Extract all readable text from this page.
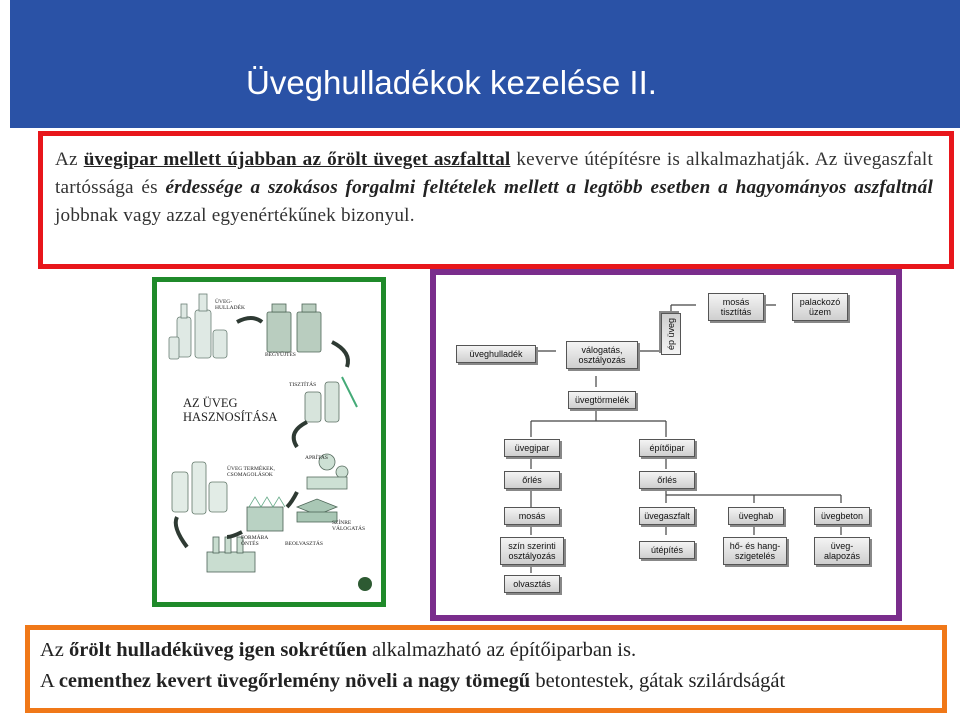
Üveghulladékok kezelése II.
Az üvegipar mellett újabban az őrölt üveget aszfalttal keverve útépítésre is alkalmazhatják. Az üvegaszfalt tartóssága és érdessége a szokásos forgalmi feltételek mellett a legtöbb esetben a hagyományos aszfaltnál jobbnak vagy azzal egyenértékűnek bizonyul.
ÜVEG-HULLADÉK
BEGYŰJTÉS
TISZTÍTÁS
ÜVEG TERMÉKEK, CSOMAGOLÁSOK
APRÍTÁS
FORMÁBA ÖNTÉS	BEOLVASZTÁS
SZÍNRE VÁLOGATÁS
AZ ÜVEG
HASZNOSÍTÁSA
mosás tisztítás
palackozó üzem
ép üveg
üveghulladék	válogatás, osztályozás
üvegtörmelék
üvegipar	építőipar
őrlés	őrlés
mosás	üvegaszfalt	üveghab	üvegbeton
szín szerinti osztályozás
útépítés	hő- és hang-szigetelés
üveg-alapozás
olvasztás
Az őrölt hulladéküveg igen sokrétűen alkalmazható az építőiparban is.
A cementhez kevert üvegőrlemény növeli a nagy tömegű betontestek, gátak szilárdságát
